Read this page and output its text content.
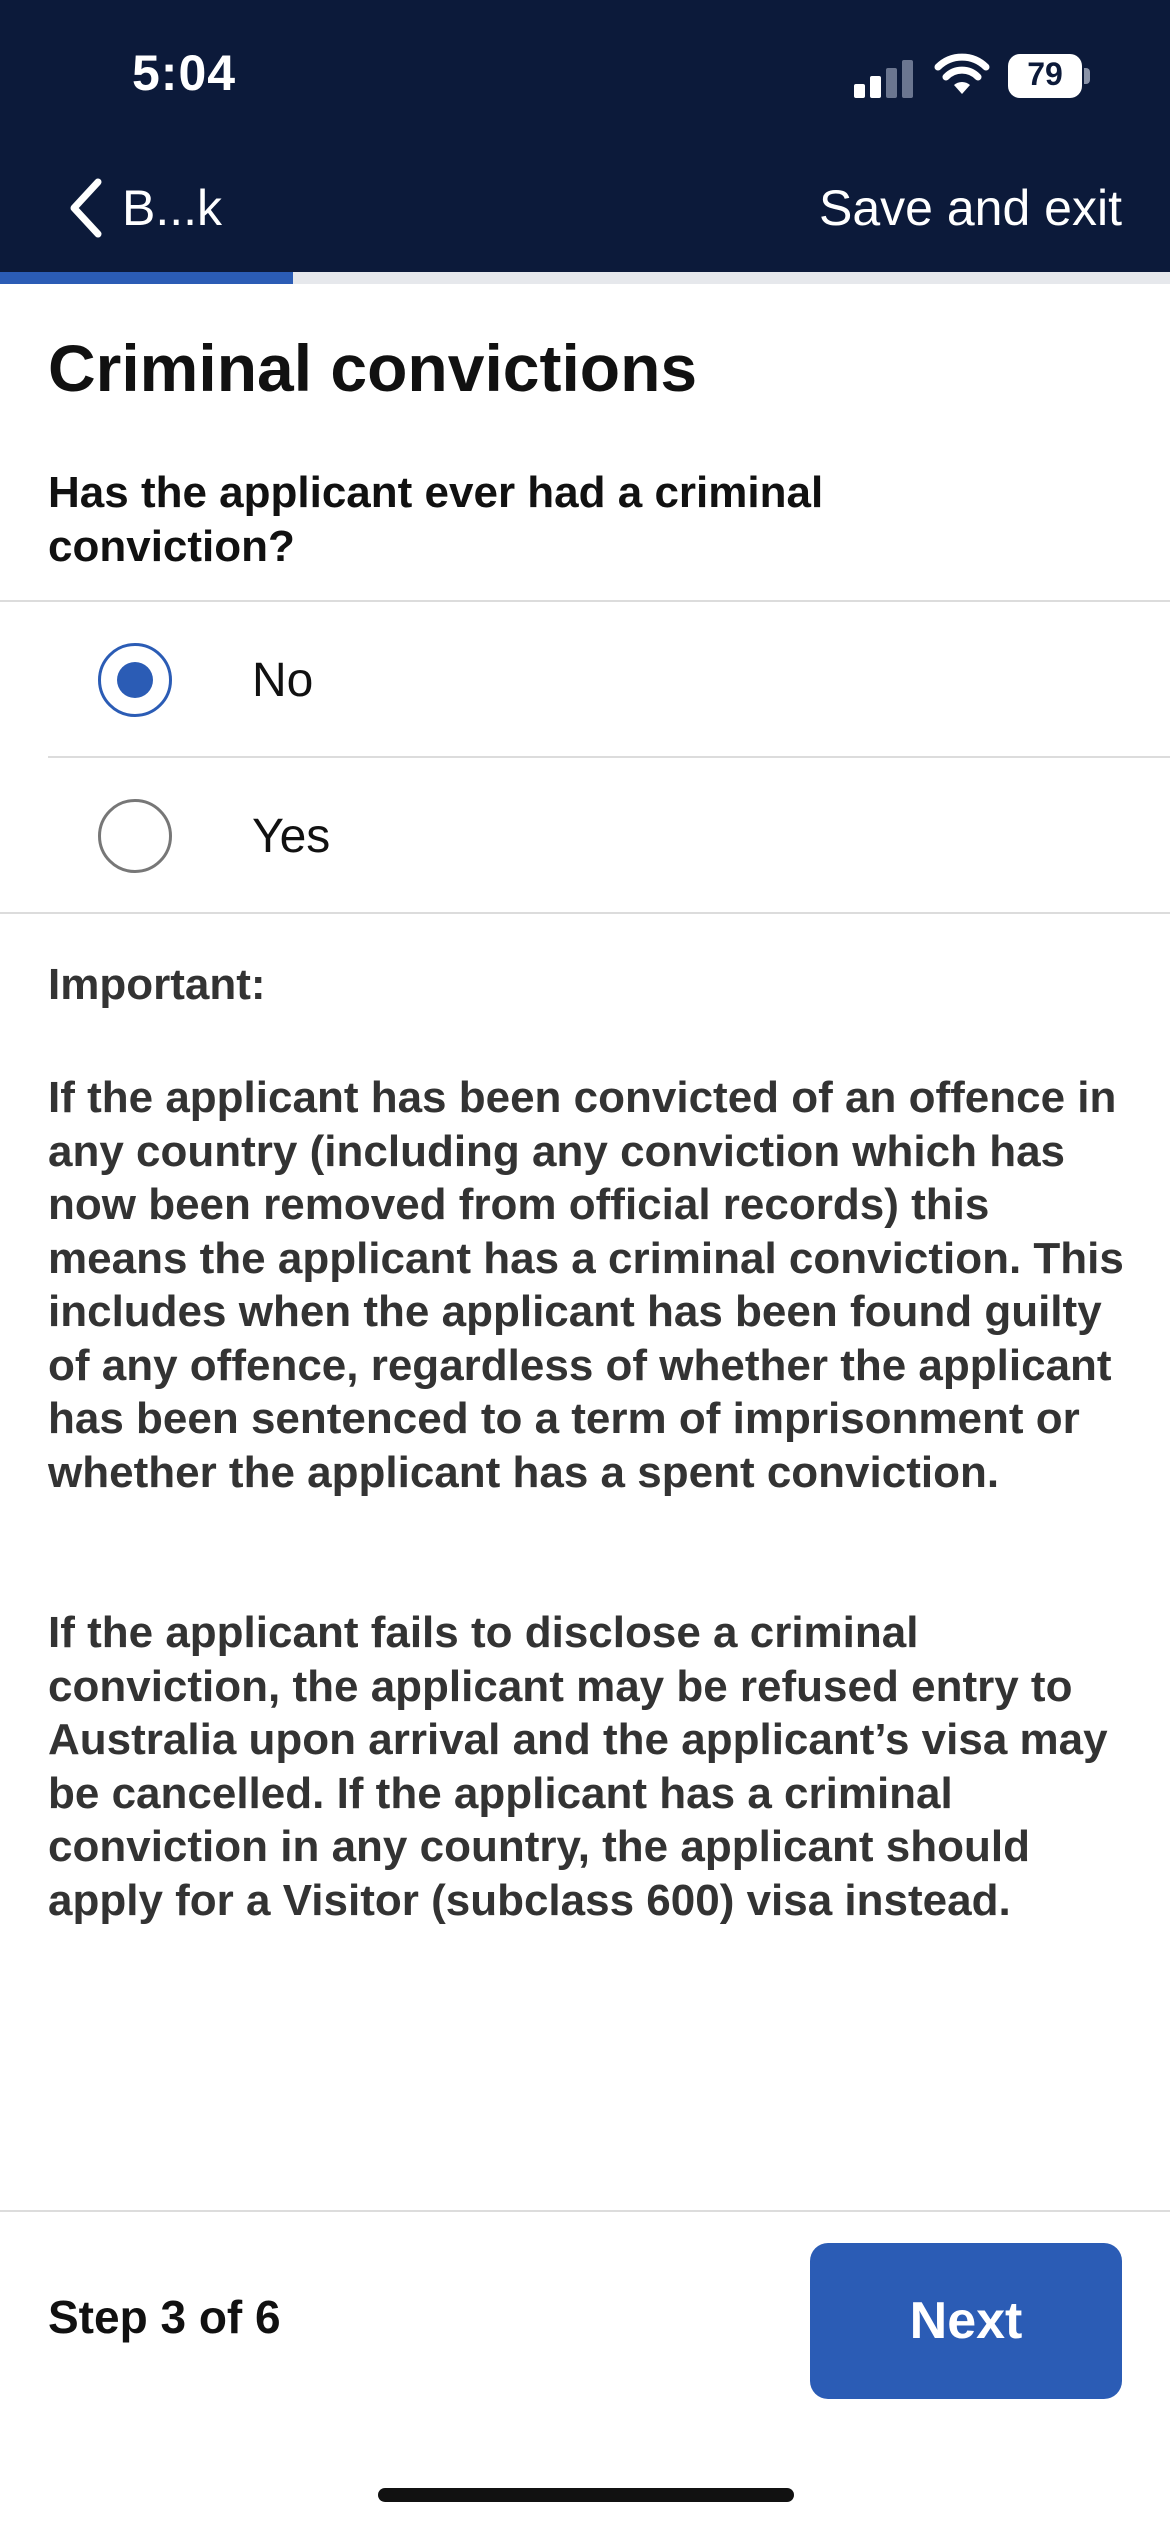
5:04	79
B...k	Save and exit
Criminal convictions
Has the applicant ever had a criminal conviction?
No
Yes
Important:

If the applicant has been convicted of an offence in any country (including any conviction which has now been removed from official records) this means the applicant has a criminal conviction. This includes when the applicant has been found guilty of any offence, regardless of whether the applicant has been sentenced to a term of imprisonment or whether the applicant has a spent conviction.

If the applicant fails to disclose a criminal conviction, the applicant may be refused entry to Australia upon arrival and the applicant’s visa may be cancelled. If the applicant has a criminal conviction in any country, the applicant should apply for a Visitor (subclass 600) visa instead.

Step 3 of 6	Next
